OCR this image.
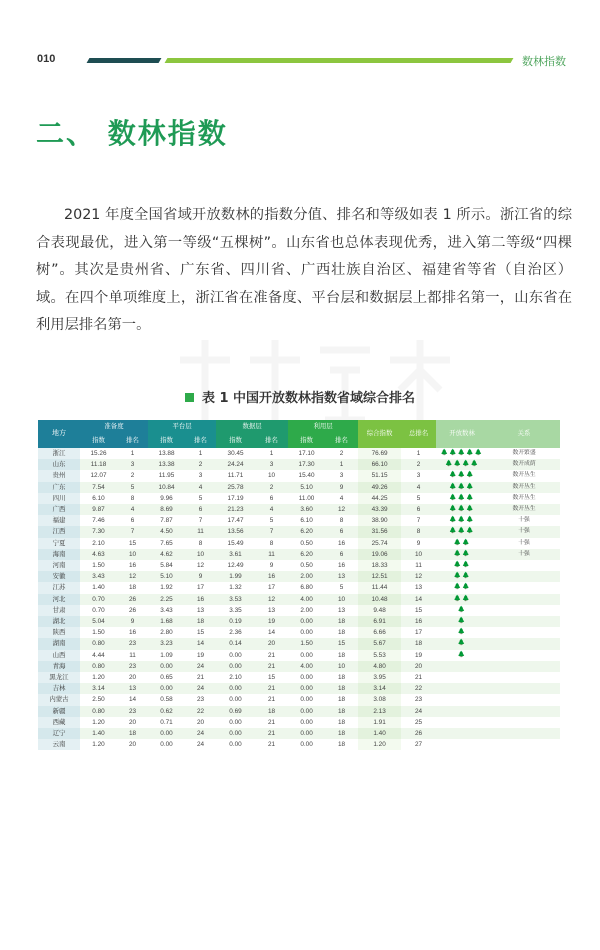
010	数林指数
二、 数林指数

2021 年度全国省域开放数林的指数分值、排名和等级如表 1 所示。浙江省的综合表现最优，进入第一等级“五棵树”。山东省也总体表现优秀，进入第二等级“四棵树”。其次是贵州省、广东省、四川省、广西壮族自治区、福建省等省（自治区）域。在四个单项维度上，浙江省在准备度、平台层和数据层上都排名第一，山东省在利用层排名第一。

表 1 中国开放数林指数省域综合排名
地方	准备度		平台层		数据层		利用层		综合指数	总排名	开放数林	关系
	指数	排名	指数	排名	指数	排名	指数	排名				
浙江	15.26	1	13.88	1	30.45	1	17.10	2	76.69	1	🌲🌲🌲🌲🌲	数开繁盛
山东	11.18	3	13.38	2	24.24	3	17.30	1	66.10	2	🌲🌲🌲🌲	数开成荫
贵州	12.07	2	11.95	3	11.71	10	15.40	3	51.15	3	🌲🌲🌲	数开丛生
广东	7.54	5	10.84	4	25.78	2	5.10	9	49.26	4	🌲🌲🌲	数开丛生
四川	6.10	8	9.96	5	17.19	6	11.00	4	44.25	5	🌲🌲🌲	数开丛生
广西	9.87	4	8.69	6	21.23	4	3.60	12	43.39	6	🌲🌲🌲	数开丛生
福建	7.46	6	7.87	7	17.47	5	6.10	8	38.90	7	🌲🌲🌲	十强
江西	7.30	7	4.50	11	13.56	7	6.20	6	31.56	8	🌲🌲🌲	十强
宁夏	2.10	15	7.65	8	15.49	8	0.50	16	25.74	9	🌲🌲	十强
海南	4.63	10	4.62	10	3.61	11	6.20	6	19.06	10	🌲🌲	十强
河南	1.50	16	5.84	12	12.49	9	0.50	16	18.33	11	🌲🌲	
安徽	3.43	12	5.10	9	1.99	16	2.00	13	12.51	12	🌲🌲	
江苏	1.40	18	1.92	17	1.32	17	6.80	5	11.44	13	🌲🌲	
河北	0.70	26	2.25	16	3.53	12	4.00	10	10.48	14	🌲🌲	
甘肃	0.70	26	3.43	13	3.35	13	2.00	13	9.48	15	🌲	
湖北	5.04	9	1.68	18	0.19	19	0.00	18	6.91	16	🌲	
陕西	1.50	16	2.80	15	2.36	14	0.00	18	6.66	17	🌲	
湖南	0.80	23	3.23	14	0.14	20	1.50	15	5.67	18	🌲	
山西	4.44	11	1.09	19	0.00	21	0.00	18	5.53	19	🌲	
青海	0.80	23	0.00	24	0.00	21	4.00	10	4.80	20		
黑龙江	1.20	20	0.65	21	2.10	15	0.00	18	3.95	21		
吉林	3.14	13	0.00	24	0.00	21	0.00	18	3.14	22		
内蒙古	2.50	14	0.58	23	0.00	21	0.00	18	3.08	23		
新疆	0.80	23	0.62	22	0.69	18	0.00	18	2.13	24		
西藏	1.20	20	0.71	20	0.00	21	0.00	18	1.91	25		
辽宁	1.40	18	0.00	24	0.00	21	0.00	18	1.40	26		
云南	1.20	20	0.00	24	0.00	21	0.00	18	1.20	27		
